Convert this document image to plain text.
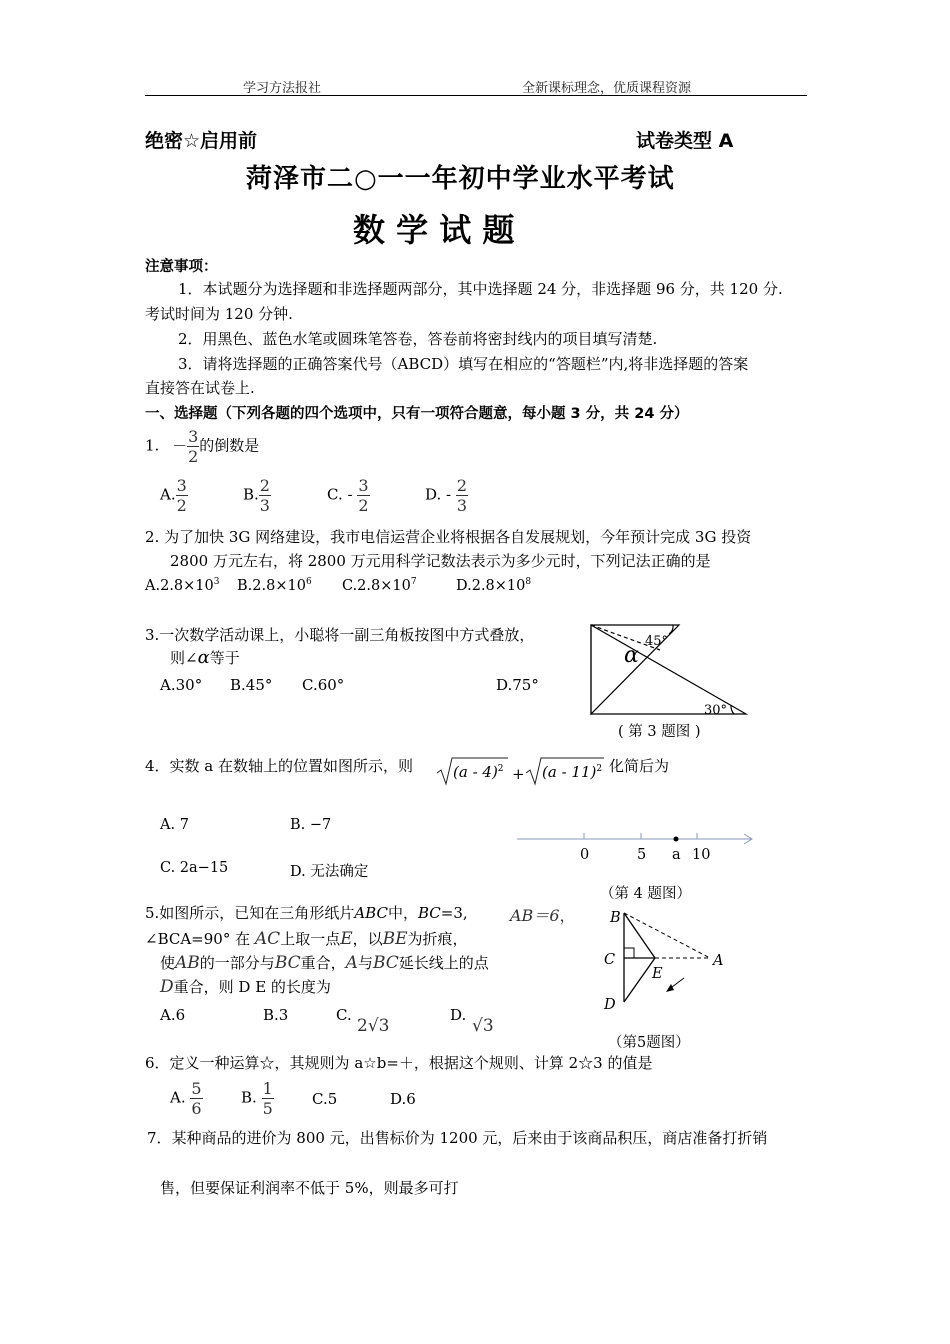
学习方法报社	全新课标理念，优质课程资源
绝密☆启用前	试卷类型 A
菏泽市二○一一年初中学业水平考试
数 学 试 题
注意事项：
1．本试题分为选择题和非选择题两部分，其中选择题 24 分，非选择题 96 分，共 120 分.
考试时间为 120 分钟.
2．用黑色、蓝色水笔或圆珠笔答卷，答卷前将密封线内的项目填写清楚.
3．请将选择题的正确答案代号（ABCD）填写在相应的“答题栏”内,将非选择题的答案
直接答在试卷上.
一、选择题（下列各题的四个选项中，只有一项符合题意，每小题 3 分，共 24 分）
1. － $\frac{3}{2}$ 的倒数是
A. $\frac{3}{2}$	B. $\frac{2}{3}$	C. - $\frac{3}{2}$	D. - $\frac{2}{3}$
2. 为了加快 3G 网络建设，我市电信运营企业将根据各自发展规划，今年预计完成 3G 投资
2800 万元左右，将 2800 万元用科学记数法表示为多少元时，下列记法正确的是
$A.2.8\times 10^3$ $B.2.8\times 10^6$ $C.2.8\times 10^7$	$D.2.8\times 10^8$
3.一次数学活动课上，小聪将一副三角板按图中方式叠放，
则∠α等于
A.30° B.45° C.60°	D.75°
45°
α
30°
( 第 3 题图 )
4．实数 a 在数轴上的位置如图所示，则	(a - 4)$^2$ + (a - 11)$^2$ 化简后为
A. 7	B. −7
C. 2a−15	D. 无法确定
0	5 a 10
（第 4 题图）
5.如图所示，已知在三角形纸片ABC中，BC=3,	AB＝6，
∠BCA=90° 在 AC上取一点E，以BE为折痕，
使AB的一部分与BC重合，A与BC延长线上的点
D重合，则 D E 的长度为
A.6	B.3	C.
2√3
D.
√3
B
C	A
E
D
（第5题图）
6．定义一种运算☆，其规则为 a☆b=＋，根据这个规则、计算 2☆3 的值是
A. $\frac{5}{6}$	B. $\frac{1}{5}$	C.5	D.6
7．某种商品的进价为 800 元，出售标价为 1200 元，后来由于该商品积压，商店准备打折销
售，但要保证利润率不低于 5%，则最多可打
